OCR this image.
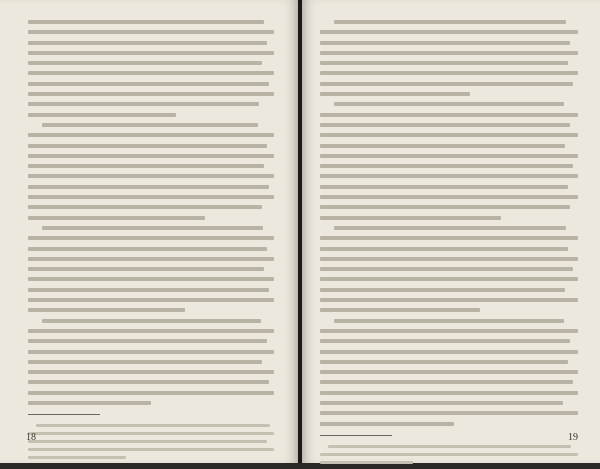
18	19
